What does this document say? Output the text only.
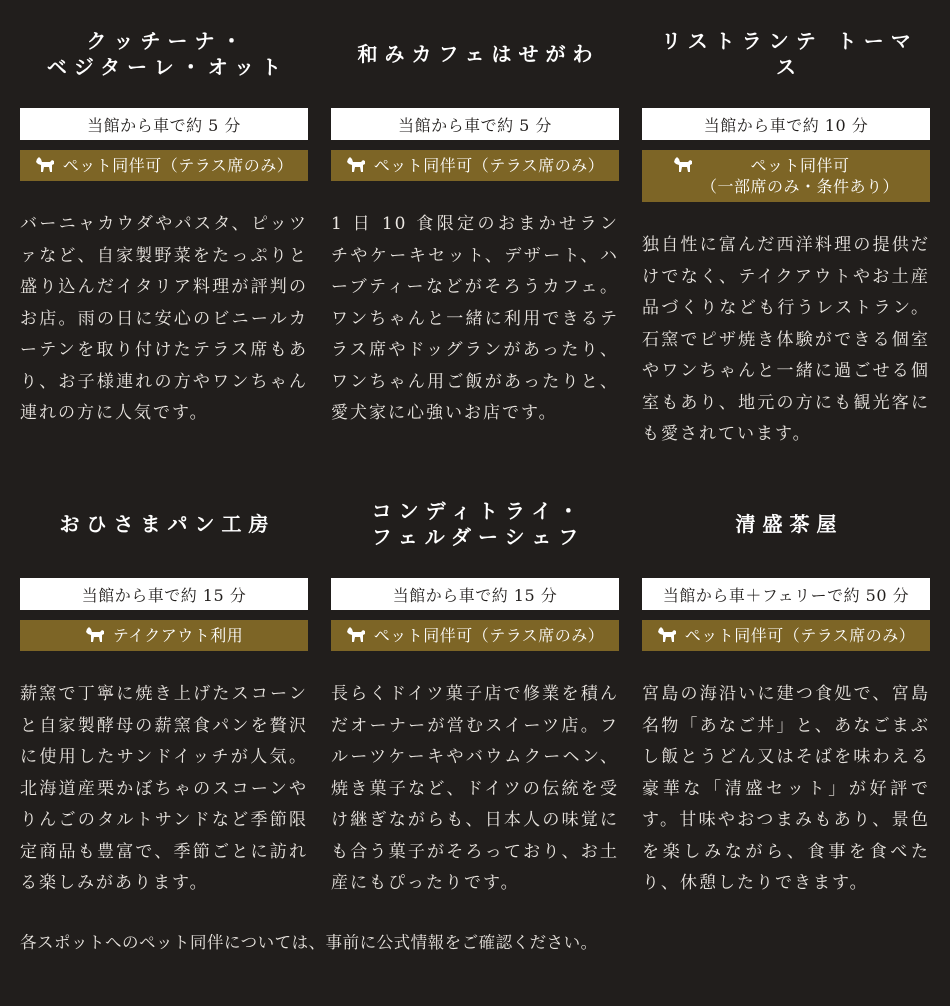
クッチーナ・
ベジターレ・オット
当館から車で約 5 分
ペット同伴可（テラス席のみ）

バーニャカウダやパスタ、ピッツァなど、自家製野菜をたっぷりと盛り込んだイタリア料理が評判のお店。雨の日に安心のビニールカーテンを取り付けたテラス席もあり、お子様連れの方やワンちゃん連れの方に人気です。

和みカフェはせがわ
当館から車で約 5 分
ペット同伴可（テラス席のみ）

1 日 10 食限定のおまかせランチやケーキセット、デザート、ハーブティーなどがそろうカフェ。ワンちゃんと一緒に利用できるテラス席やドッグランがあったり、ワンちゃん用ご飯があったりと、愛犬家に心強いお店です。

リストランテ トーマス
当館から車で約 10 分
ペット同伴可
（一部席のみ・条件あり）

独自性に富んだ西洋料理の提供だけでなく、テイクアウトやお土産品づくりなども行うレストラン。石窯でピザ焼き体験ができる個室やワンちゃんと一緒に過ごせる個室もあり、地元の方にも観光客にも愛されています。

おひさまパン工房
当館から車で約 15 分
テイクアウト利用

薪窯で丁寧に焼き上げたスコーンと自家製酵母の薪窯食パンを贅沢に使用したサンドイッチが人気。北海道産栗かぼちゃのスコーンやりんごのタルトサンドなど季節限定商品も豊富で、季節ごとに訪れる楽しみがあります。

コンディトライ・
フェルダーシェフ
当館から車で約 15 分
ペット同伴可（テラス席のみ）

長らくドイツ菓子店で修業を積んだオーナーが営むスイーツ店。フルーツケーキやバウムクーヘン、焼き菓子など、ドイツの伝統を受け継ぎながらも、日本人の味覚にも合う菓子がそろっており、お土産にもぴったりです。

清盛茶屋
当館から車＋フェリーで約 50 分
ペット同伴可（テラス席のみ）

宮島の海沿いに建つ食処で、宮島名物「あなご丼」と、あなごまぶし飯とうどん又はそばを味わえる豪華な「清盛セット」が好評です。甘味やおつまみもあり、景色を楽しみながら、食事を食べたり、休憩したりできます。

各スポットへのペット同伴については、事前に公式情報をご確認ください。
